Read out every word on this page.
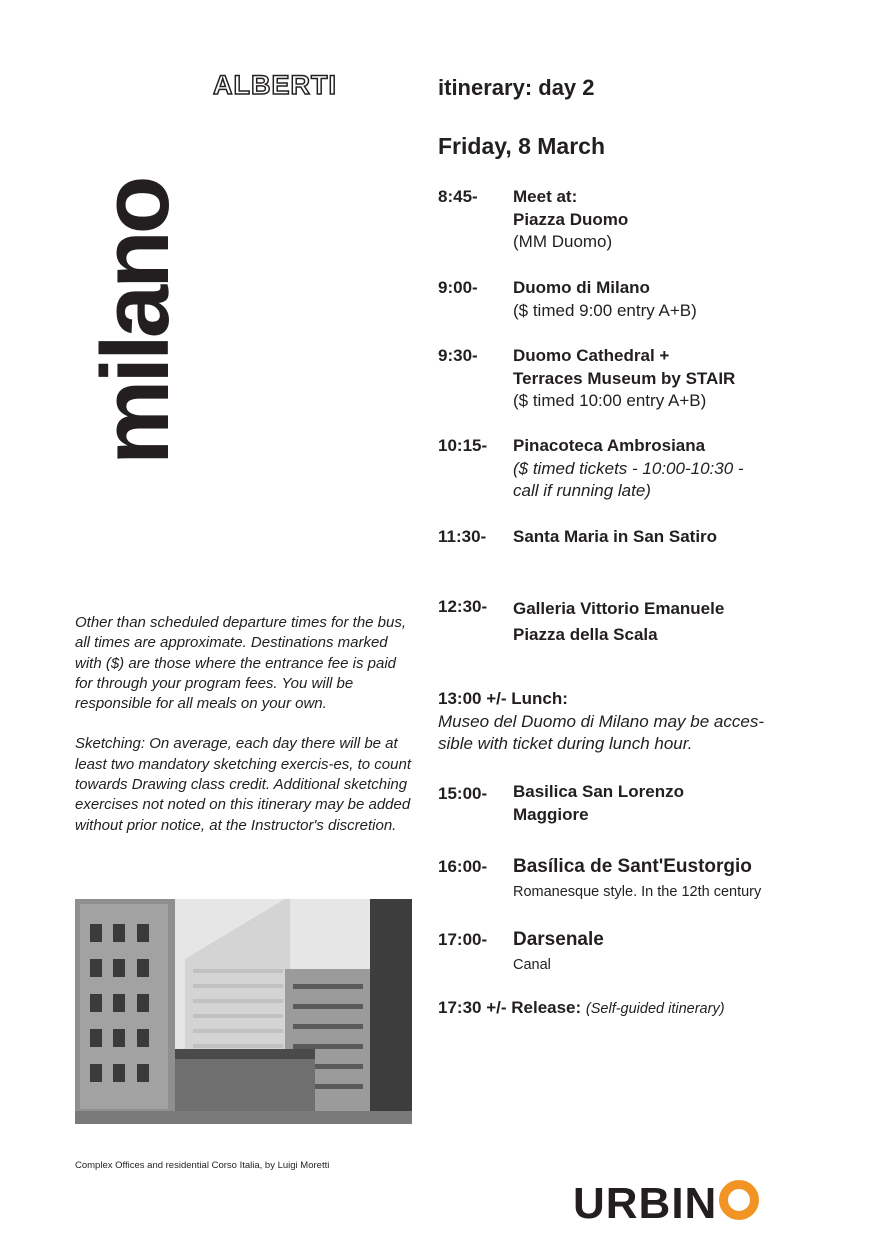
milano
ALBERTI	itinerary: day 2
Friday, 8 March
8:45- Meet at:
Piazza Duomo
(MM Duomo)
9:00- Duomo di Milano
($ timed 9:00 entry A+B)
9:30- Duomo Cathedral +
Terraces Museum by STAIR
($ timed 10:00 entry A+B)
10:15- Pinacoteca Ambrosiana
($ timed tickets - 10:00-10:30 -
call if running late)
11:30- Santa Maria in San Satiro
12:30- Galleria Vittorio Emanuele
Piazza della Scala
13:00 +/- Lunch:
Museo del Duomo di Milano may be acces-
sible with ticket during lunch hour.
15:00- Basilica San Lorenzo
Maggiore
16:00- Basílica de Sant'Eustorgio
Romanesque style. In the 12th century
17:00- Darsenale
Canal
17:30 +/- Release: (Self-guided itinerary)

Other than scheduled departure times for the bus, all times are approximate. Destinations marked with ($) are those where the entrance fee is paid for through your program fees. You will be responsible for all meals on your own.

Sketching: On average, each day there will be at least two mandatory sketching exercis-es, to count towards Drawing class credit. Additional sketching exercises not noted on this itinerary may be added without prior notice, at the Instructor's discretion.

Complex Offices and residential Corso Italia, by Luigi Moretti
URBIN
